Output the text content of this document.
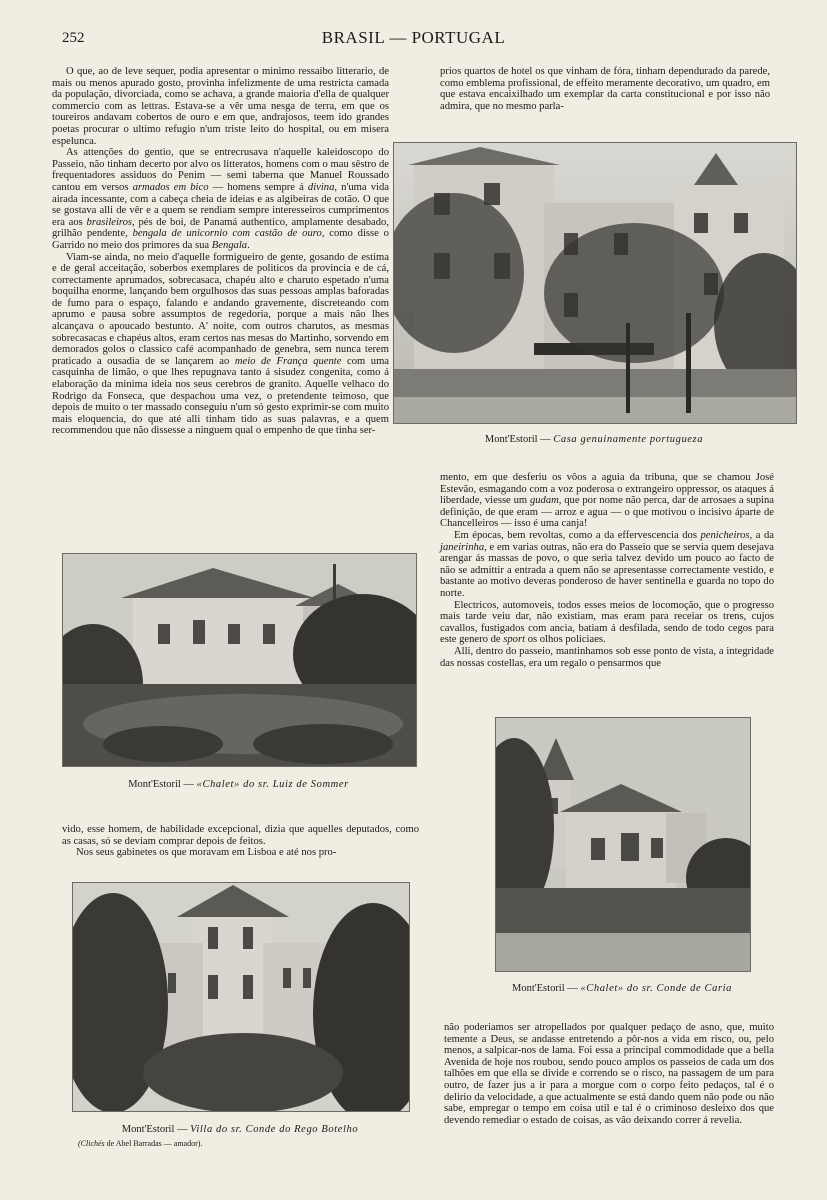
252	BRASIL — PORTUGAL

O que, ao de leve sequer, podia apresentar o minimo ressaibo litterario, de mais ou menos apurado gosto, provinha infelizmente de uma restricta camada da população, divorciada, como se achava, a grande maioria d'ella de qualquer commercio com as lettras. Estava-se a vêr uma nesga de terra, em que os toureiros andavam cobertos de ouro e em que, andrajosos, teem ido grandes poetas procurar o ultimo refugio n'um triste leito do hospital, ou em misera espelunca.

As attenções do gentio, que se entrecrusava n'aquelle kaleidoscopo do Passeio, não tinham decerto por alvo os litteratos, homens com o mau sêstro de frequentadores assiduos do Penim — semi taberna que Manuel Roussado cantou em versos armados em bico — homens sempre á divina, n'uma vida airada incessante, com a cabeça cheia de ideias e as algibeiras de cotão. O que se gostava alli de vêr e a quem se rendiam sempre interesseiros cumprimentos era aos brasileiros, pés de boi, de Panamá authentico, amplamente desabado, grilhão pendente, bengala de unicornio com castão de ouro, como disse o Garrido no meio dos primores da sua Bengala.

Viam-se ainda, no meio d'aquelle formigueiro de gente, gosando de estima e de geral acceitação, soberbos exemplares de politicos da provincia e de cá, correctamente aprumados, sobrecasaca, chapéu alto e charuto espetado n'uma boquilha enorme, lançando bem orgulhosos das suas pessoas amplas baforadas de fumo para o espaço, falando e andando gravemente, discreteando com aprumo e pausa sobre assumptos de regedoria, porque a mais não lhes alcançava o apoucado bestunto. A' noite, com outros charutos, as mesmas sobrecasacas e chapéus altos, eram certos nas mesas do Martinho, sorvendo em demorados golos o classico café acompanhado de genebra, sem nunca terem praticado a ousadia de se lançarem ao meio de França quente com uma casquinha de limão, o que lhes repugnava tanto á sisudez congenita, como á elaboração da minima ideia nos seus cerebros de granito. Aquelle velhaco do Rodrigo da Fonseca, que despachou uma vez, o pretendente teimoso, que depois de muito o ter massado conseguiu n'um só gesto exprimir-se com muito mais eloquencia, do que até alli tinham tido as suas palavras, e a quem recommendou que não dissesse a ninguem qual o empenho de que tinha ser-

prios quartos de hotel os que vinham de fóra, tinham dependurado da parede, como emblema profissional, de effeito meramente decorativo, um quadro, em que estava encaixilhado um exemplar da carta constitucional e por isso não admira, que no mesmo parla-

Mont'Estoril — Casa genuinamente portugueza

mento, em que desferiu os vôos a aguia da tribuna, que se chamou José Estevão, esmagando com a voz poderosa o extrangeiro oppressor, os ataques á liberdade, viesse um gudam, que por nome não perca, dar de arrosaes a supina definição, de que eram — arroz e agua — o que motivou o incisivo áparte de Chancelleiros — isso é uma canja!

Em épocas, bem revoltas, como a da effervescencia dos penicheiros, a da janeirinha, e em varias outras, não era do Passeio que se servia quem desejava arengar ás massas de povo, o que seria talvez devido um pouco ao facto de não se admittir a entrada a quem não se apresentasse correctamente vestido, e bastante ao motivo deveras ponderoso de haver sentinella e guarda no topo do norte.

Electricos, automoveis, todos esses meios de locomoção, que o progresso mais tarde veiu dar, não existiam, mas eram para receiar os trens, cujos cavallos, fustigados com ancia, batiam á desfilada, sendo de todo cegos para este genero de sport os olhos policiaes.

Alli, dentro do passeio, mantinhamos sob esse ponto de vista, a integridade das nossas costellas, era um regalo o pensarmos que

Mont'Estoril — «Chalet» do sr. Luiz de Sommer

vido, esse homem, de habilidade excepcional, dizia que aquelles deputados, como as casas, só se deviam comprar depois de feitos.

Nos seus gabinetes os que moravam em Lisboa e até nos pro-

Mont'Estoril — «Chalet» do sr. Conde de Caria
Mont'Estoril — Villa do sr. Conde do Rego Botelho
(Clichés de Abel Barradas — amador).

não poderiamos ser atropellados por qualquer pedaço de asno, que, muito temente a Deus, se andasse entretendo a pôr-nos a vida em risco, ou, pelo menos, a salpicar-nos de lama. Foi essa a principal commodidade que a bella Avenida de hoje nos roubou, sendo pouco amplos os passeios de cada um dos talhões em que ella se divide e correndo se o risco, na passagem de um para outro, de fazer jus a ir para a morgue com o corpo feito pedaços, tal é o delirio da velocidade, a que actualmente se está dando quem não pode ou não sabe, empregar o tempo em coisa util e tal é o criminoso desleixo dos que devendo remediar o estado de coisas, as vão deixando correr á revelia.
